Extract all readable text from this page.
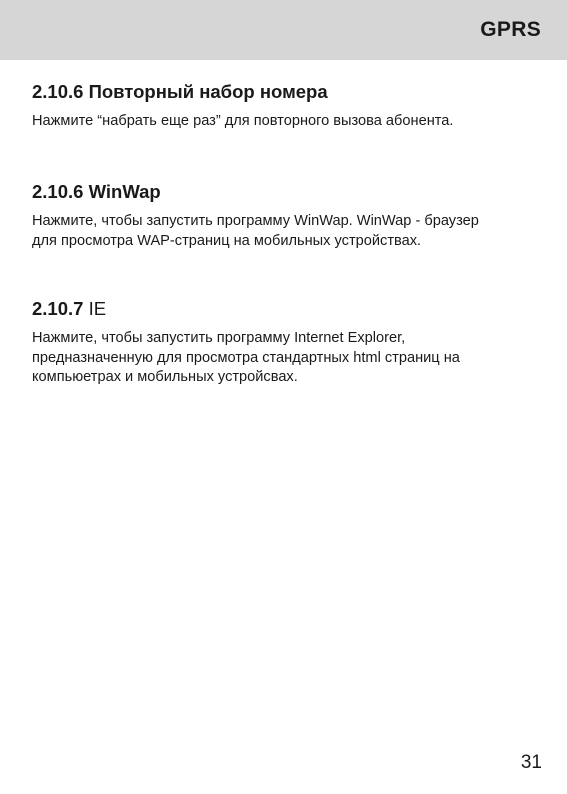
GPRS
2.10.6 Повторный набор номера

Нажмите “набрать еще раз” для повторного вызова абонента.

2.10.6 WinWap

Нажмите, чтобы запустить программу WinWap. WinWap - браузер
для просмотра WAP-страниц на мобильных устройствах.

2.10.7 IE

Нажмите, чтобы запустить программу Internet Explorer,
предназначенную для просмотра стандартных html страниц на
компьюетрах и мобильных устройсвах.

31
